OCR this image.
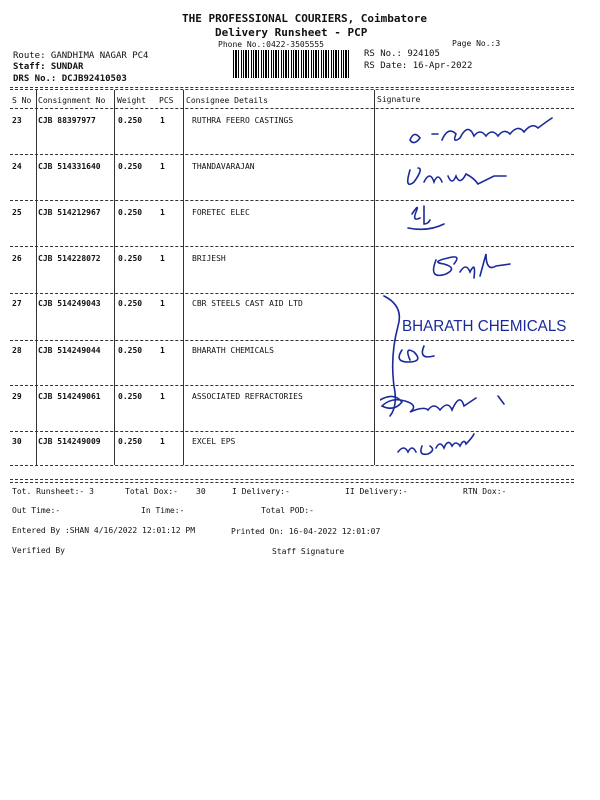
THE PROFESSIONAL COURIERS, Coimbatore
Delivery Runsheet - PCP
Phone No.:0422-3505555	Page No.:3
Route: GANDHIMA NAGAR PC4
Staff: SUNDAR
DRS No.: DCJB92410503
RS No.: 924105
RS Date: 16-Apr-2022
S No Consignment No Weight PCS Consignee Details	Signature
23 CJB 88397977	0.250 1	RUTHRA FEERO CASTINGS
24 CJB 514331640 0.250 1	THANDAVARAJAN
25 CJB 514212967 0.250 1	FORETEC ELEC
26 CJB 514228072 0.250 1	BRIJESH
27 CJB 514249043 0.250 1	CBR STEELS CAST AID LTD
28 CJB 514249044 0.250 1	BHARATH CHEMICALS
29 CJB 514249061 0.250 1	ASSOCIATED REFRACTORIES
30 CJB 514249009 0.250 1	EXCEL EPS
BHARATH CHEMICALS
Tot. Runsheet:- 3	Total Dox:- 30	I Delivery:-	II Delivery:-	RTN Dox:-
Out Time:-	In Time:-	Total POD:-
Entered By :SHAN 4/16/2022 12:01:12 PM	Printed On: 16-04-2022 12:01:07
Verified By	Staff Signature
